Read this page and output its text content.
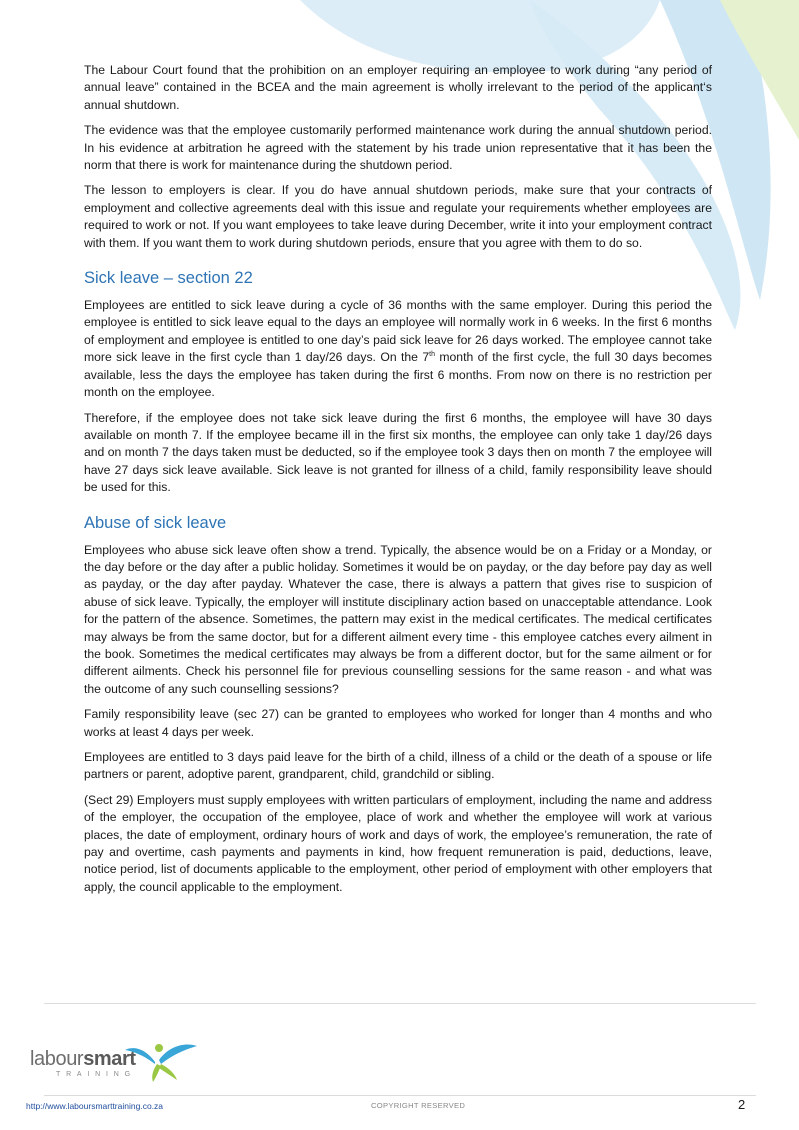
The Labour Court found that the prohibition on an employer requiring an employee to work during “any period of annual leave” contained in the BCEA and the main agreement is wholly irrelevant to the period of the applicant‘s annual shutdown.

The evidence was that the employee customarily performed maintenance work during the annual shutdown period. In his evidence at arbitration he agreed with the statement by his trade union representative that it has been the norm that there is work for maintenance during the shutdown period.

The lesson to employers is clear. If you do have annual shutdown periods, make sure that your contracts of employment and collective agreements deal with this issue and regulate your requirements whether employees are required to work or not. If you want employees to take leave during December, write it into your employment contract with them. If you want them to work during shutdown periods, ensure that you agree with them to do so.

Sick leave – section 22

Employees are entitled to sick leave during a cycle of 36 months with the same employer. During this period the employee is entitled to sick leave equal to the days an employee will normally work in 6 weeks. In the first 6 months of employment and employee is entitled to one day’s paid sick leave for 26 days worked. The employee cannot take more sick leave in the first cycle than 1 day/26 days. On the 7th month of the first cycle, the full 30 days becomes available, less the days the employee has taken during the first 6 months. From now on there is no restriction per month on the employee.

Therefore, if the employee does not take sick leave during the first 6 months, the employee will have 30 days available on month 7. If the employee became ill in the first six months, the employee can only take 1 day/26 days and on month 7 the days taken must be deducted, so if the employee took 3 days then on month 7 the employee will have 27 days sick leave available. Sick leave is not granted for illness of a child, family responsibility leave should be used for this.

Abuse of sick leave

Employees who abuse sick leave often show a trend. Typically, the absence would be on a Friday or a Monday, or the day before or the day after a public holiday. Sometimes it would be on payday, or the day before pay day as well as payday, or the day after payday. Whatever the case, there is always a pattern that gives rise to suspicion of abuse of sick leave. Typically, the employer will institute disciplinary action based on unacceptable attendance. Look for the pattern of the absence. Sometimes, the pattern may exist in the medical certificates. The medical certificates may always be from the same doctor, but for a different ailment every time - this employee catches every ailment in the book. Sometimes the medical certificates may always be from a different doctor, but for the same ailment or for different ailments. Check his personnel file for previous counselling sessions for the same reason - and what was the outcome of any such counselling sessions?

Family responsibility leave (sec 27) can be granted to employees who worked for longer than 4 months and who works at least 4 days per week.

Employees are entitled to 3 days paid leave for the birth of a child, illness of a child or the death of a spouse or life partners or parent, adoptive parent, grandparent, child, grandchild or sibling.

(Sect 29) Employers must supply employees with written particulars of employment, including the name and address of the employer, the occupation of the employee, place of work and whether the employee will work at various places, the date of employment, ordinary hours of work and days of work, the employee’s remuneration, the rate of pay and overtime, cash payments and payments in kind, how frequent remuneration is paid, deductions, leave, notice period, list of documents applicable to the employment, other period of employment with other employers that apply, the council applicable to the employment.

laboursmart
TRAINING
http://www.laboursmarttraining.co.za	COPYRIGHT RESERVED	2
